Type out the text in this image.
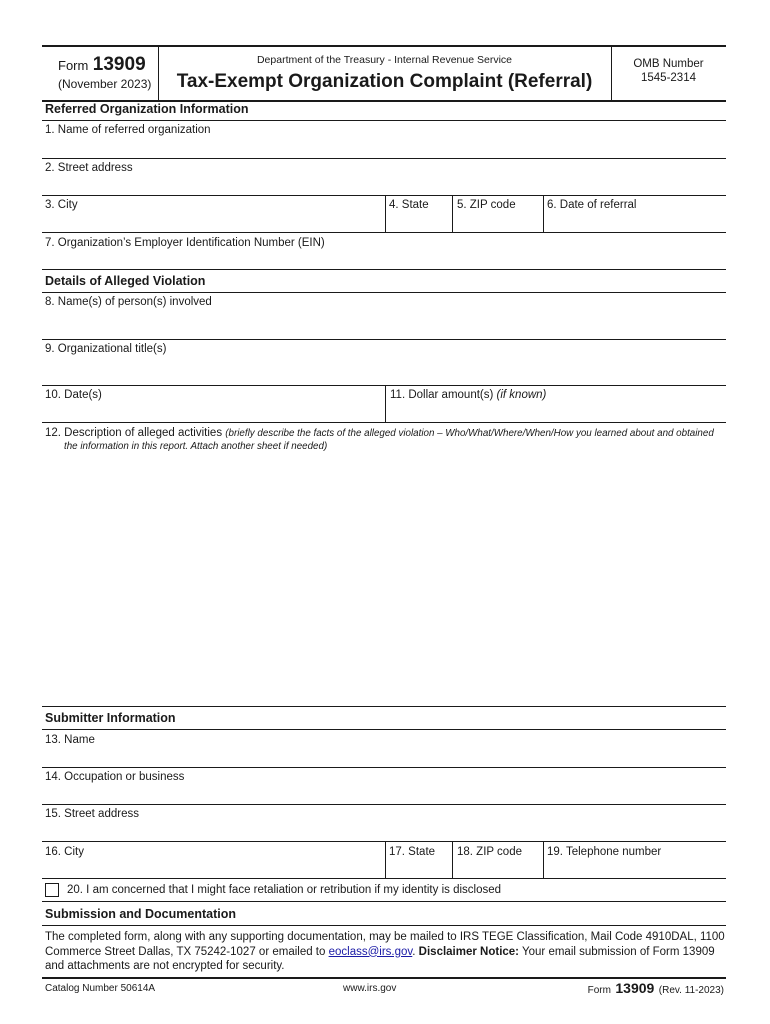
Form 13909
(November 2023)
Department of the Treasury - Internal Revenue Service
Tax-Exempt Organization Complaint (Referral)
OMB Number
1545-2314
Referred Organization Information
1. Name of referred organization
2. Street address
3. City	4. State 5. ZIP code	6. Date of referral
7. Organization’s Employer Identification Number (EIN)
Details of Alleged Violation
8. Name(s) of person(s) involved
9. Organizational title(s)
10. Date(s)	11. Dollar amount(s) (if known)
12. Description of alleged activities (briefly describe the facts of the alleged violation – Who/What/Where/When/How you learned about and obtained
the information in this report. Attach another sheet if needed)
Submitter Information
13. Name
14. Occupation or business
15. Street address
16. City	17. State 18. ZIP code 19. Telephone number
20. I am concerned that I might face retaliation or retribution if my identity is disclosed
Submission and Documentation
The completed form, along with any supporting documentation, may be mailed to IRS TEGE Classification, Mail Code 4910DAL, 1100
Commerce Street Dallas, TX 75242-1027 or emailed to eoclass@irs.gov. Disclaimer Notice: Your email submission of Form 13909
and attachments are not encrypted for security.
Catalog Number 50614A	www.irs.gov	Form 13909 (Rev. 11-2023)
